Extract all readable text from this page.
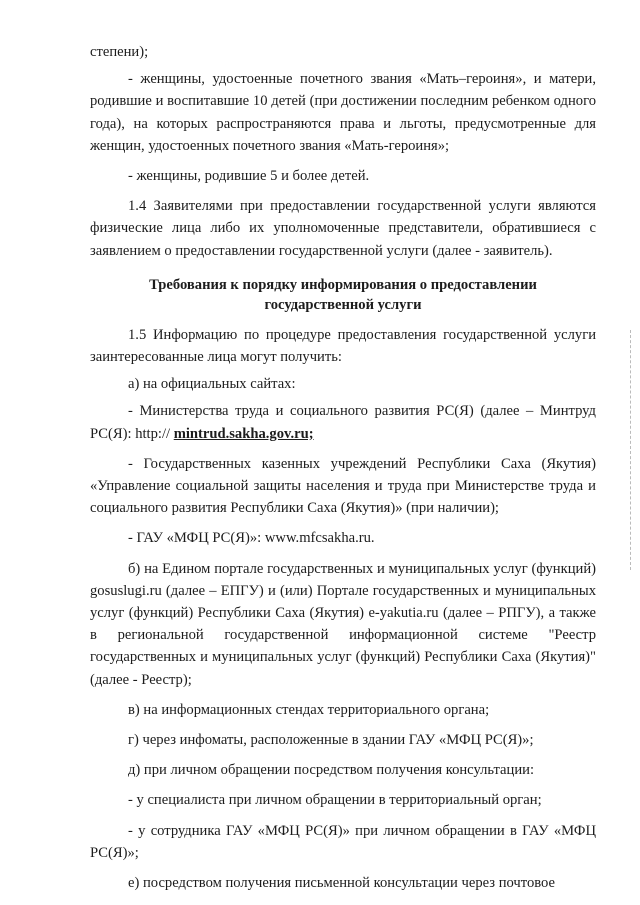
степени);

- женщины, удостоенные почетного звания «Мать–героиня», и матери, родившие и воспитавшие 10 детей (при достижении последним ребенком одного года), на которых распространяются права и льготы, предусмотренные для женщин, удостоенных почетного звания «Мать-героиня»;

- женщины, родившие 5 и более детей.

1.4 Заявителями при предоставлении государственной услуги являются физические лица либо их уполномоченные представители, обратившиеся с заявлением о предоставлении государственной услуги (далее - заявитель).

Требования к порядку информирования о предоставлении государственной услуги

1.5 Информацию по процедуре предоставления государственной услуги заинтересованные лица могут получить:

а) на официальных сайтах:

- Министерства труда и социального развития РС(Я) (далее – Минтруд РС(Я): http:// mintrud.sakha.gov.ru;

- Государственных казенных учреждений Республики Саха (Якутия) «Управление социальной защиты населения и труда при Министерстве труда и социального развития Республики Саха (Якутия)» (при наличии);

- ГАУ «МФЦ РС(Я)»: www.mfcsakha.ru.

б) на Едином портале государственных и муниципальных услуг (функций) gosuslugi.ru (далее – ЕПГУ) и (или) Портале государственных и муниципальных услуг (функций) Республики Саха (Якутия) e-yakutia.ru (далее – РПГУ), а также в региональной государственной информационной системе "Реестр государственных и муниципальных услуг (функций) Республики Саха (Якутия)" (далее - Реестр);

в) на информационных стендах территориального органа;

г) через инфоматы, расположенные в здании ГАУ «МФЦ РС(Я)»;

д) при личном обращении посредством получения консультации:

- у специалиста при личном обращении в территориальный орган;

- у сотрудника ГАУ «МФЦ РС(Я)» при личном обращении в ГАУ «МФЦ РС(Я)»;

е) посредством получения письменной консультации через почтовое
